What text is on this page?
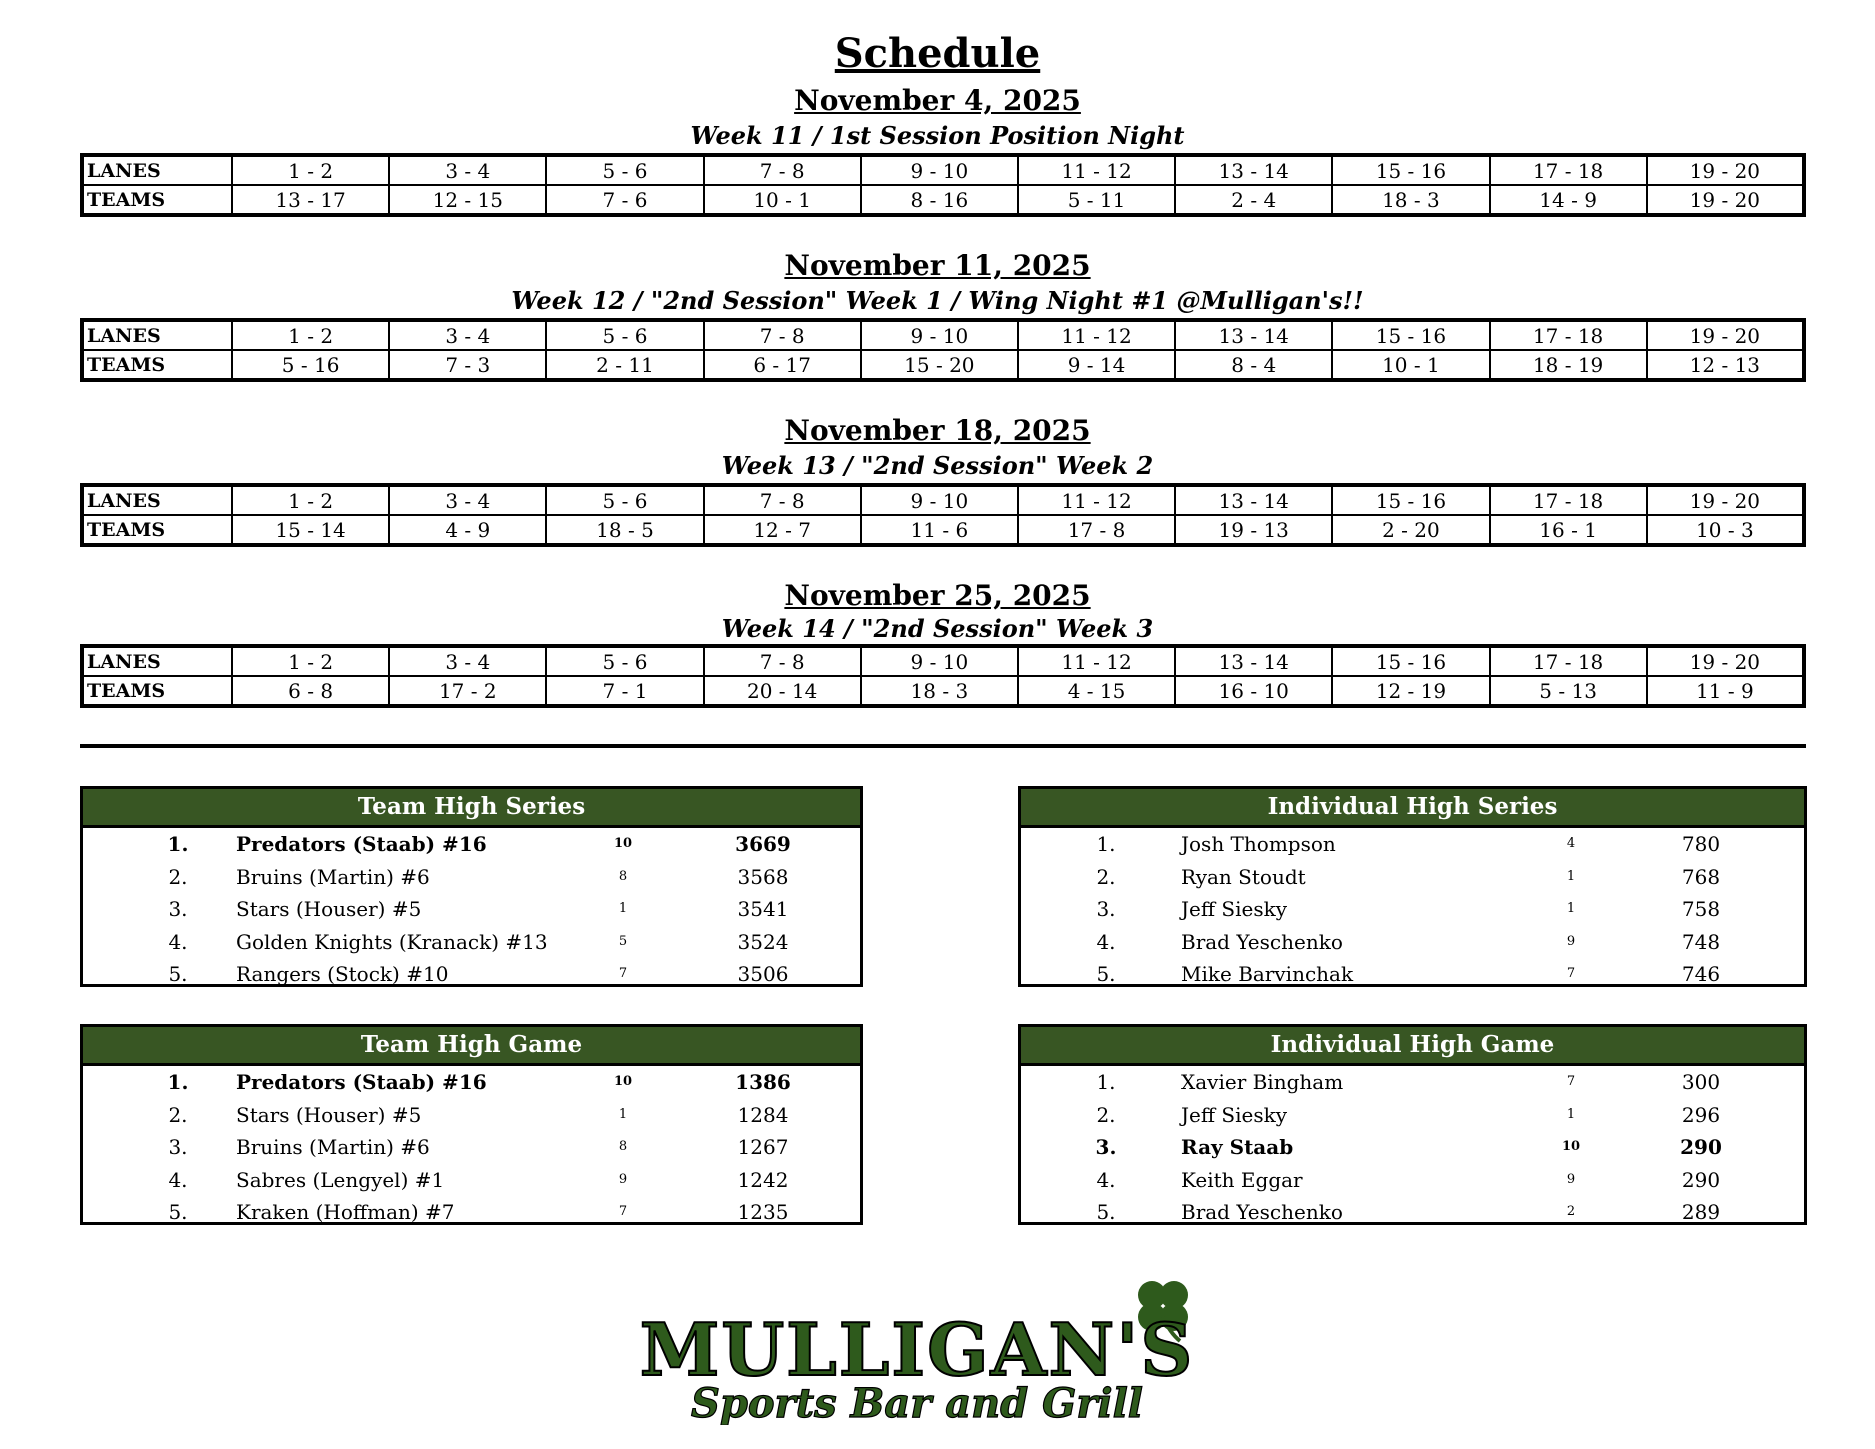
Schedule
November 4, 2025
Week 11 / 1st Session Position Night
LANES	1 - 2	3 - 4	5 - 6	7 - 8	9 - 10	11 - 12	13 - 14	15 - 16	17 - 18	19 - 20
TEAMS	13 - 17	12 - 15	7 - 6	10 - 1	8 - 16	5 - 11	2 - 4	18 - 3	14 - 9	19 - 20
November 11, 2025
Week 12 / "2nd Session" Week 1 / Wing Night #1 @Mulligan's!!
LANES	1 - 2	3 - 4	5 - 6	7 - 8	9 - 10	11 - 12	13 - 14	15 - 16	17 - 18	19 - 20
TEAMS	5 - 16	7 - 3	2 - 11	6 - 17	15 - 20	9 - 14	8 - 4	10 - 1	18 - 19	12 - 13
November 18, 2025
Week 13 / "2nd Session" Week 2
LANES	1 - 2	3 - 4	5 - 6	7 - 8	9 - 10	11 - 12	13 - 14	15 - 16	17 - 18	19 - 20
TEAMS	15 - 14	4 - 9	18 - 5	12 - 7	11 - 6	17 - 8	19 - 13	2 - 20	16 - 1	10 - 3
November 25, 2025
Week 14 / "2nd Session" Week 3
LANES	1 - 2	3 - 4	5 - 6	7 - 8	9 - 10	11 - 12	13 - 14	15 - 16	17 - 18	19 - 20
TEAMS	6 - 8	17 - 2	7 - 1	20 - 14	18 - 3	4 - 15	16 - 10	12 - 19	5 - 13	11 - 9
Team High Series
1.	Predators (Staab) #16	10	3669
2.	Bruins (Martin) #6	8	3568
3.	Stars (Houser) #5	1	3541
4.	Golden Knights (Kranack) #13	5	3524
5.	Rangers (Stock) #10	7	3506
Individual High Series
1.	Josh Thompson	4	780
2.	Ryan Stoudt	1	768
3.	Jeff Siesky	1	758
4.	Brad Yeschenko	9	748
5.	Mike Barvinchak	7	746
Team High Game
1.	Predators (Staab) #16	10	1386
2.	Stars (Houser) #5	1	1284
3.	Bruins (Martin) #6	8	1267
4.	Sabres (Lengyel) #1	9	1242
5.	Kraken (Hoffman) #7	7	1235
Individual High Game
1.	Xavier Bingham	7	300
2.	Jeff Siesky	1	296
3.	Ray Staab	10	290
4.	Keith Eggar	9	290
5.	Brad Yeschenko	2	289
MULLIGAN'S
Sports Bar and Grill
